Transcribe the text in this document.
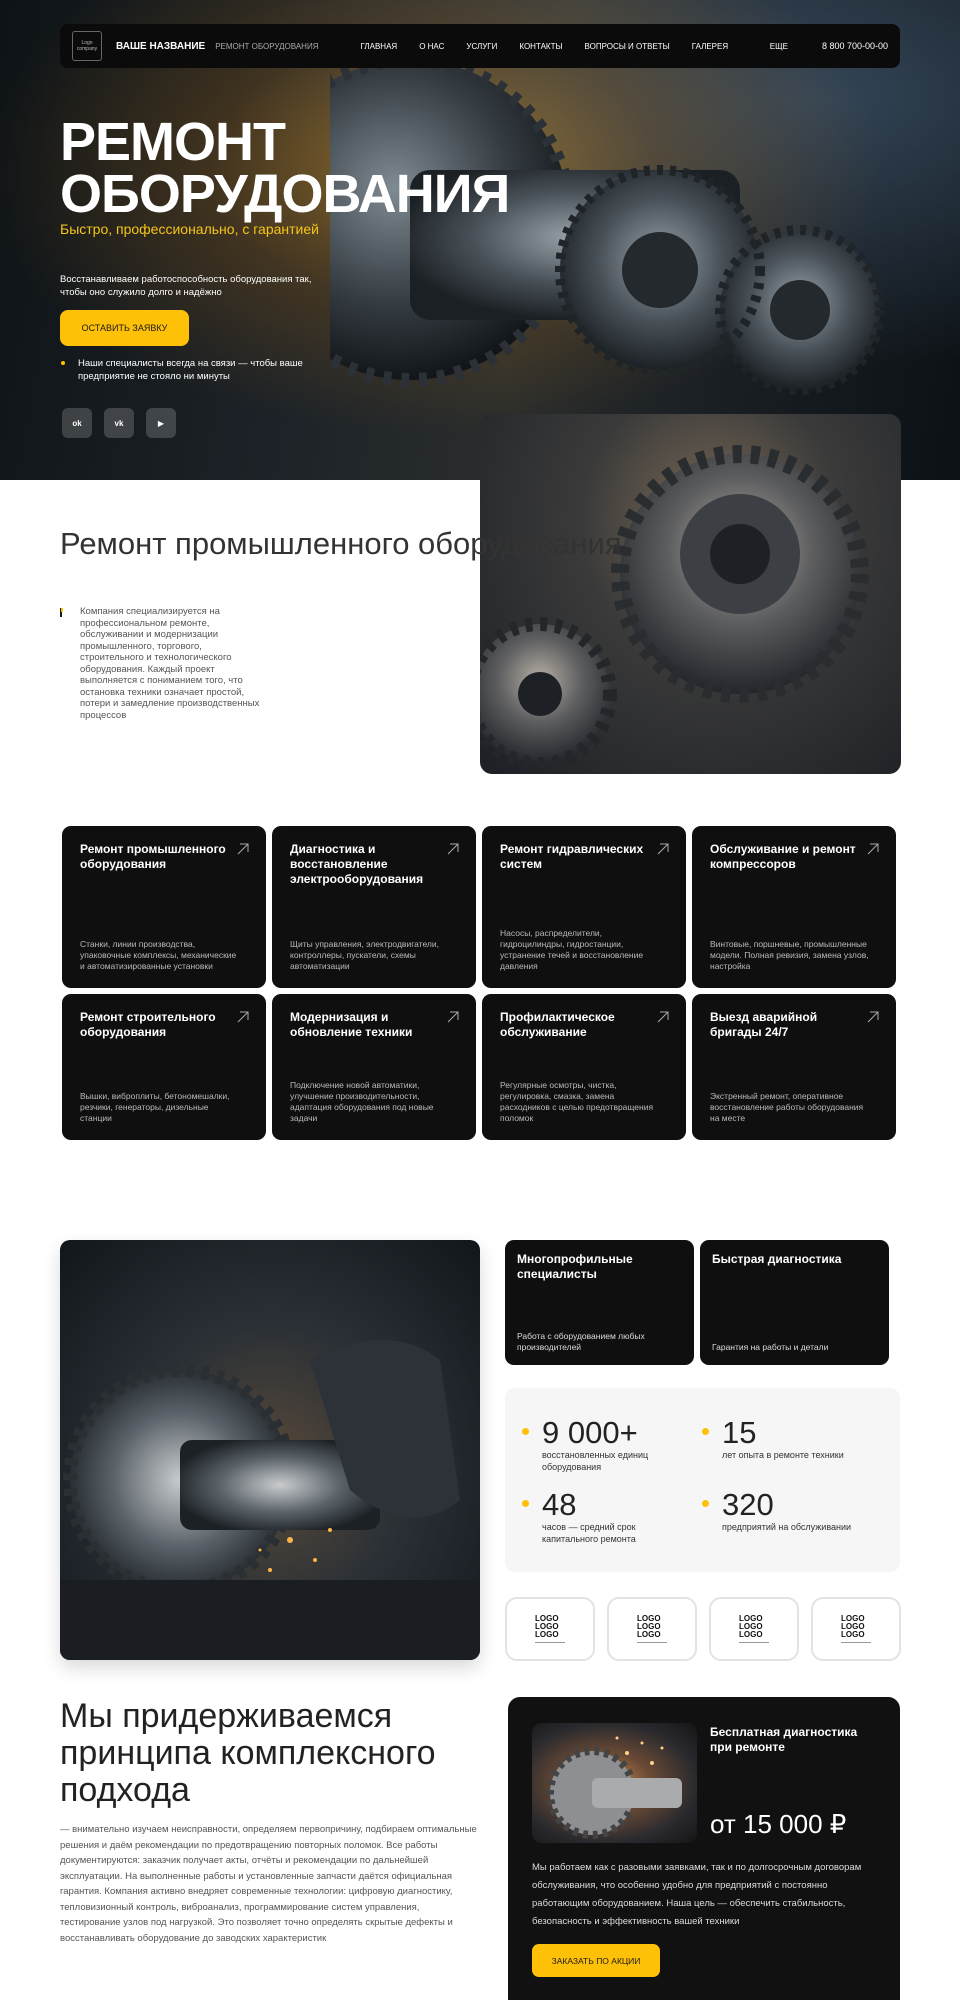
Logo company	ВАШЕ НАЗВАНИЕ РЕМОНТ ОБОРУДОВАНИЯ	ГЛАВНАЯ	О НАС	УСЛУГИ	КОНТАКТЫ	ВОПРОСЫ И ОТВЕТЫ	ГАЛЕРЕЯ	ЕЩЕ	8 800 700-00-00
РЕМОНТ
ОБОРУДОВАНИЯ
Быстро, профессионально, с гарантией

Восстанавливаем работоспособность оборудования так, чтобы оно служило долго и надёжно

ОСТАВИТЬ ЗАЯВКУ

Наши специалисты всегда на связи — чтобы ваше предприятие не стояло ни минуты

ok	vk	▶
Ремонт промышленного оборудования

Компания специализируется на профессиональном ремонте, обслуживании и модернизации промышленного, торгового, строительного и технологического оборудования. Каждый проект выполняется с пониманием того, что остановка техники означает простой, потери и замедление производственных процессов

Ремонт промышленного оборудования
Станки, линии производства, упаковочные комплексы, механические и автоматизированные установки
Диагностика и восстановление электрооборудования
Щиты управления, электродвигатели, контроллеры, пускатели, схемы автоматизации
Ремонт гидравлических систем
Насосы, распределители, гидроцилиндры, гидростанции, устранение течей и восстановление давления
Обслуживание и ремонт компрессоров
Винтовые, поршневые, промышленные модели. Полная ревизия, замена узлов, настройка
Ремонт строительного оборудования
Вышки, виброплиты, бетономешалки, резчики, генераторы, дизельные станции
Модернизация и обновление техники
Подключение новой автоматики, улучшение производительности, адаптация оборудования под новые задачи
Профилактическое обслуживание
Регулярные осмотры, чистка, регулировка, смазка, замена расходников с целью предотвращения поломок
Выезд аварийной бригады 24/7
Экстренный ремонт, оперативное восстановление работы оборудования на месте
Многопрофильные специалисты
Работа с оборудованием любых производителей
Быстрая диагностика
Гарантия на работы и детали
9 000+
восстановленных единиц оборудования
15
лет опыта в ремонте техники
48
часов — средний срок капитального ремонта
320
предприятий на обслуживании
LOGO LOGO LOGO
LOGO LOGO LOGO
LOGO LOGO LOGO
LOGO LOGO LOGO
Мы придерживаемся принципа комплексного подхода

— внимательно изучаем неисправности, определяем первопричину, подбираем оптимальные решения и даём рекомендации по предотвращению повторных поломок. Все работы документируются: заказчик получает акты, отчёты и рекомендации по дальнейшей эксплуатации. На выполненные работы и установленные запчасти даётся официальная гарантия. Компания активно внедряет современные технологии: цифровую диагностику, тепловизионный контроль, виброанализ, программирование систем управления, тестирование узлов под нагрузкой. Это позволяет точно определять скрытые дефекты и восстанавливать оборудование до заводских характеристик

Бесплатная диагностика при ремонте
от 15 000 ₽

Мы работаем как с разовыми заявками, так и по долгосрочным договорам обслуживания, что особенно удобно для предприятий с постоянно работающим оборудованием. Наша цель — обеспечить стабильность, безопасность и эффективность вашей техники

ЗАКАЗАТЬ ПО АКЦИИ
